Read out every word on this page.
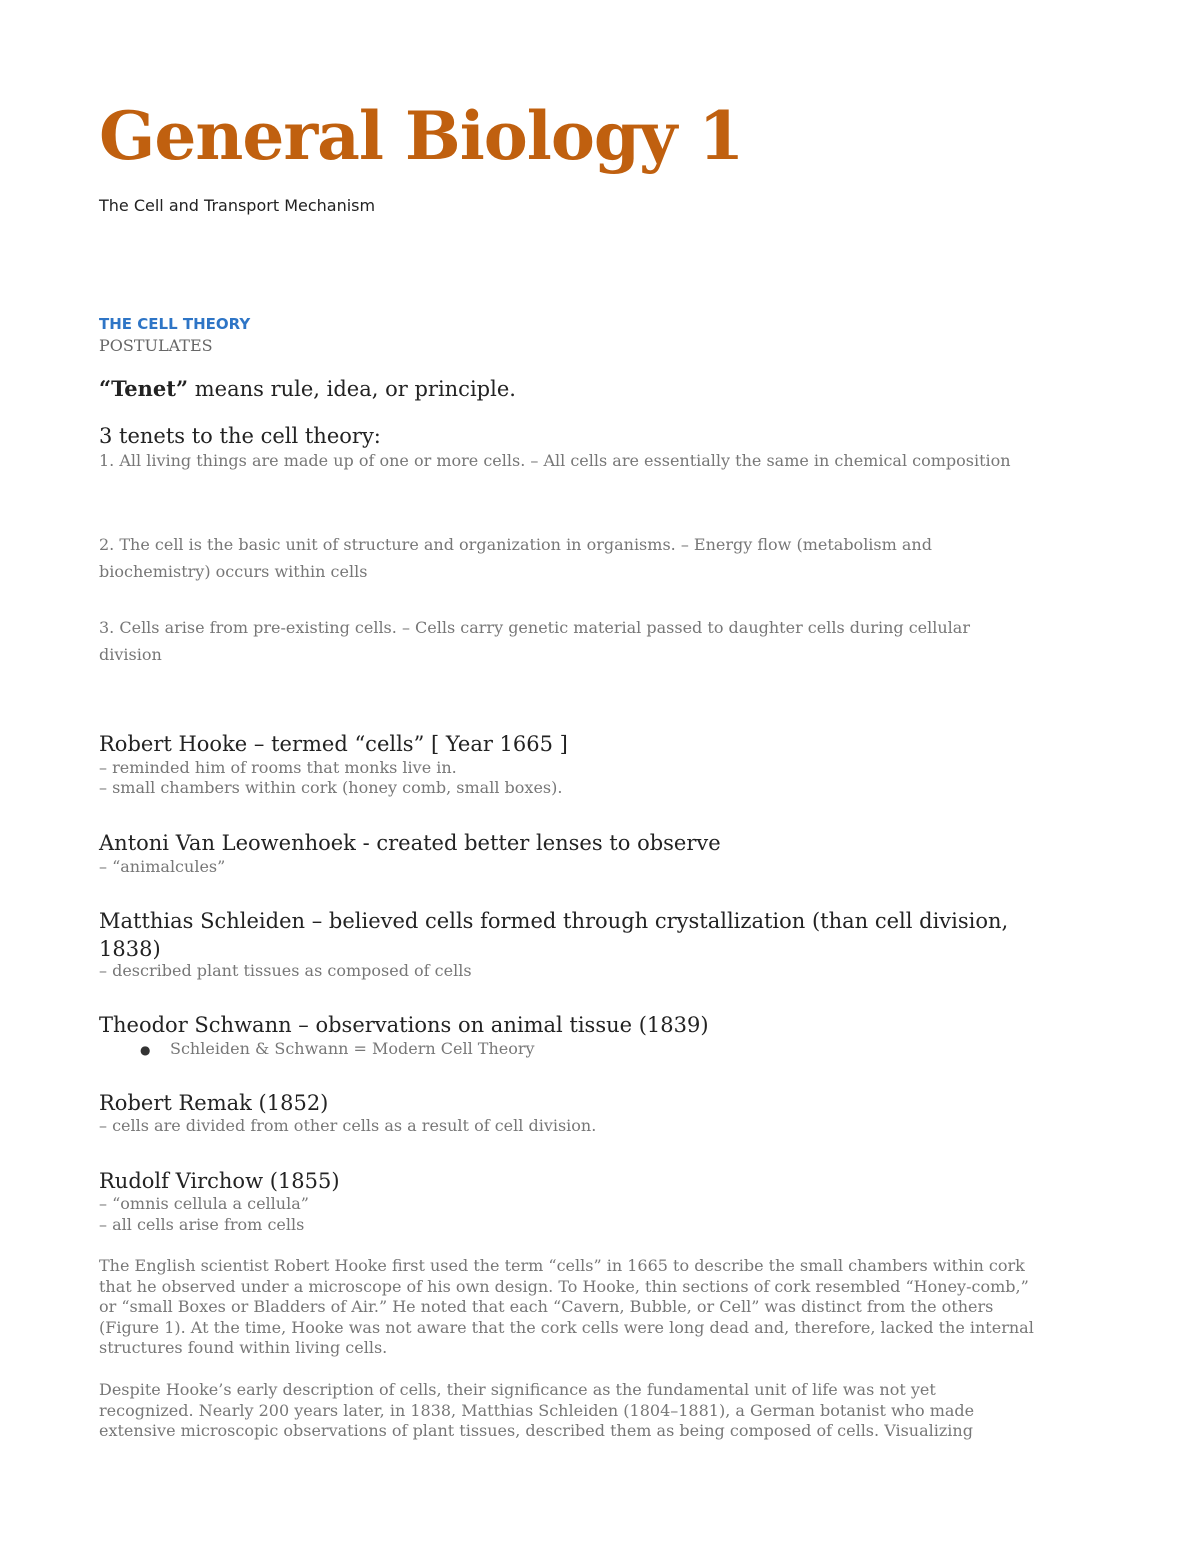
General Biology 1
The Cell and Transport Mechanism
THE CELL THEORY
POSTULATES
“Tenet” means rule, idea, or principle.
3 tenets to the cell theory:
1. All living things are made up of one or more cells. – All cells are essentially the same in chemical composition
2. The cell is the basic unit of structure and organization in organisms. – Energy flow (metabolism and biochemistry) occurs within cells
3. Cells arise from pre-existing cells. – Cells carry genetic material passed to daughter cells during cellular division
Robert Hooke – termed “cells” [ Year 1665 ]
– reminded him of rooms that monks live in.
– small chambers within cork (honey comb, small boxes).
Antoni Van Leowenhoek - created better lenses to observe
– “animalcules”
Matthias Schleiden – believed cells formed through crystallization (than cell division, 1838)
– described plant tissues as composed of cells
Theodor Schwann – observations on animal tissue (1839)
● Schleiden & Schwann = Modern Cell Theory
Robert Remak (1852)
– cells are divided from other cells as a result of cell division.
Rudolf Virchow (1855)
– “omnis cellula a cellula”
– all cells arise from cells
The English scientist Robert Hooke first used the term “cells” in 1665 to describe the small chambers within cork that he observed under a microscope of his own design. To Hooke, thin sections of cork resembled “Honey-comb,” or “small Boxes or Bladders of Air.” He noted that each “Cavern, Bubble, or Cell” was distinct from the others (Figure 1). At the time, Hooke was not aware that the cork cells were long dead and, therefore, lacked the internal structures found within living cells.
Despite Hooke’s early description of cells, their significance as the fundamental unit of life was not yet recognized. Nearly 200 years later, in 1838, Matthias Schleiden (1804–1881), a German botanist who made extensive microscopic observations of plant tissues, described them as being composed of cells. Visualizing
